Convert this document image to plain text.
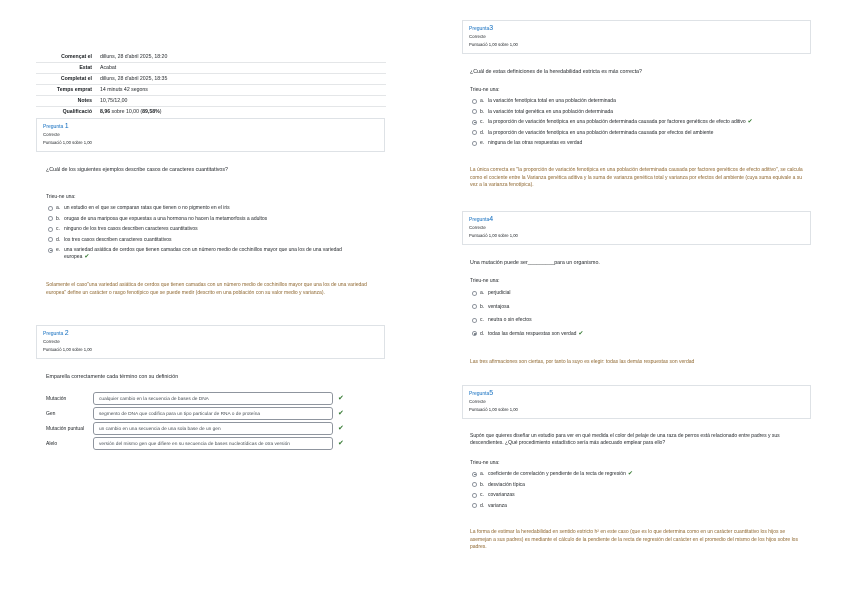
Començat el	dilluns, 28 d'abril 2025, 18:20
Estat	Acabat
Completat el	dilluns, 28 d'abril 2025, 18:35
Temps emprat	14 minuts 42 segons
Notes	10,75/12,00
Qualificació	8,96 sobre 10,00 (89,58%)
Pregunta 1
Correcte
Puntuació 1,00 sobre 1,00
¿Cuál de los siguientes ejemplos describe casos de caracteres cuantitativos?
Trieu-ne una:
a. un estudio en el que se comparan ratas que tienen o no pigmento en el iris
b. orugas de una mariposa que expuestas a una hormona no hacen la metamorfosis a adultos
c. ninguno de los tres casos describen caracteres cuantitativos
d. los tres casos describen caracteres cuantitativos
e. una variedad asiática de cerdos que tienen camadas con un número medio de cochinillos mayor que una los de una variedad europea ✔
Solamente el caso"una variedad asiática de cerdos que tienen camadas con un número medio de cochinillos mayor que una los de una variedad europea" define un carácter o rasgo fenotípico que se puede medir (descrito en una población con su valor medio y varianza).
Pregunta 2
Correcte
Puntuació 1,00 sobre 1,00
Emparella correctamente cada término con su definición
Mutación	cualquier cambio en la secuencia de bases de DNA	✔
Gen	segmento de DNA que codifica para un tipo particular de RNA o de proteína	✔
Mutación puntual	un cambio en una secuencia de una sola base de un gen	✔
Alelo	versión del mismo gen que difiere en su secuencia de bases nucleotídicas de otra versión	✔
Pregunta3
Correcte
Puntuació 1,00 sobre 1,00
¿Cuál de estas definiciones de la heredabilidad estricta es más correcta?
Trieu-ne una:
a. la variación fenotípica total en una población determinada
b. la variación total genética en una población determinada
c. la proporción de variación fenotípica en una población determinada causada por factores genéticos de efecto aditivo ✔
d. la proporción de variación fenotípica en una población determinada causada por efectos del ambiente
e. ninguna de las otras respuestas es verdad
La única correcta es "la proporción de variación fenotípica en una población determinada causada por factores genéticos de efecto aditivo", se calcula como el cociente entre la Varianza genética aditiva y la suma de varianza genética total y varianza por efectos del ambiente (cuya suma equivale a su vez a la varianza fenotípica).
Pregunta4
Correcte
Puntuació 1,00 sobre 1,00
Una mutación puede ser_________para un organismo.
Trieu-ne una:
a. perjudicial
b. ventajosa
c. neutra o sin efectos
d. todas las demás respuestas son verdad ✔
Las tres afirmaciones son ciertas, por tanto la suyo es elegir: todas las demás respuestas son verdad
Pregunta5
Correcte
Puntuació 1,00 sobre 1,00
Supón que quieres diseñar un estudio para ver en qué medida el color del pelaje de una raza de perros está relacionado entre padres y sus descendientes. ¿Qué procedimiento estadístico sería más adecuado emplear para ello?
Trieu-ne una:
a. coeficiente de correlación y pendiente de la recta de regresión ✔
b. desviación típica
c. covarianzas
d. varianza
La forma de estimar la heredabilidad en sentido estricto h² en este caso (que es lo que determina como en un carácter cuantitativo los hijos se asemejan a sus padres) es mediante el cálculo de la pendiente de la recta de regresión del carácter en el promedio del mismo de los hijos sobre los padres.
